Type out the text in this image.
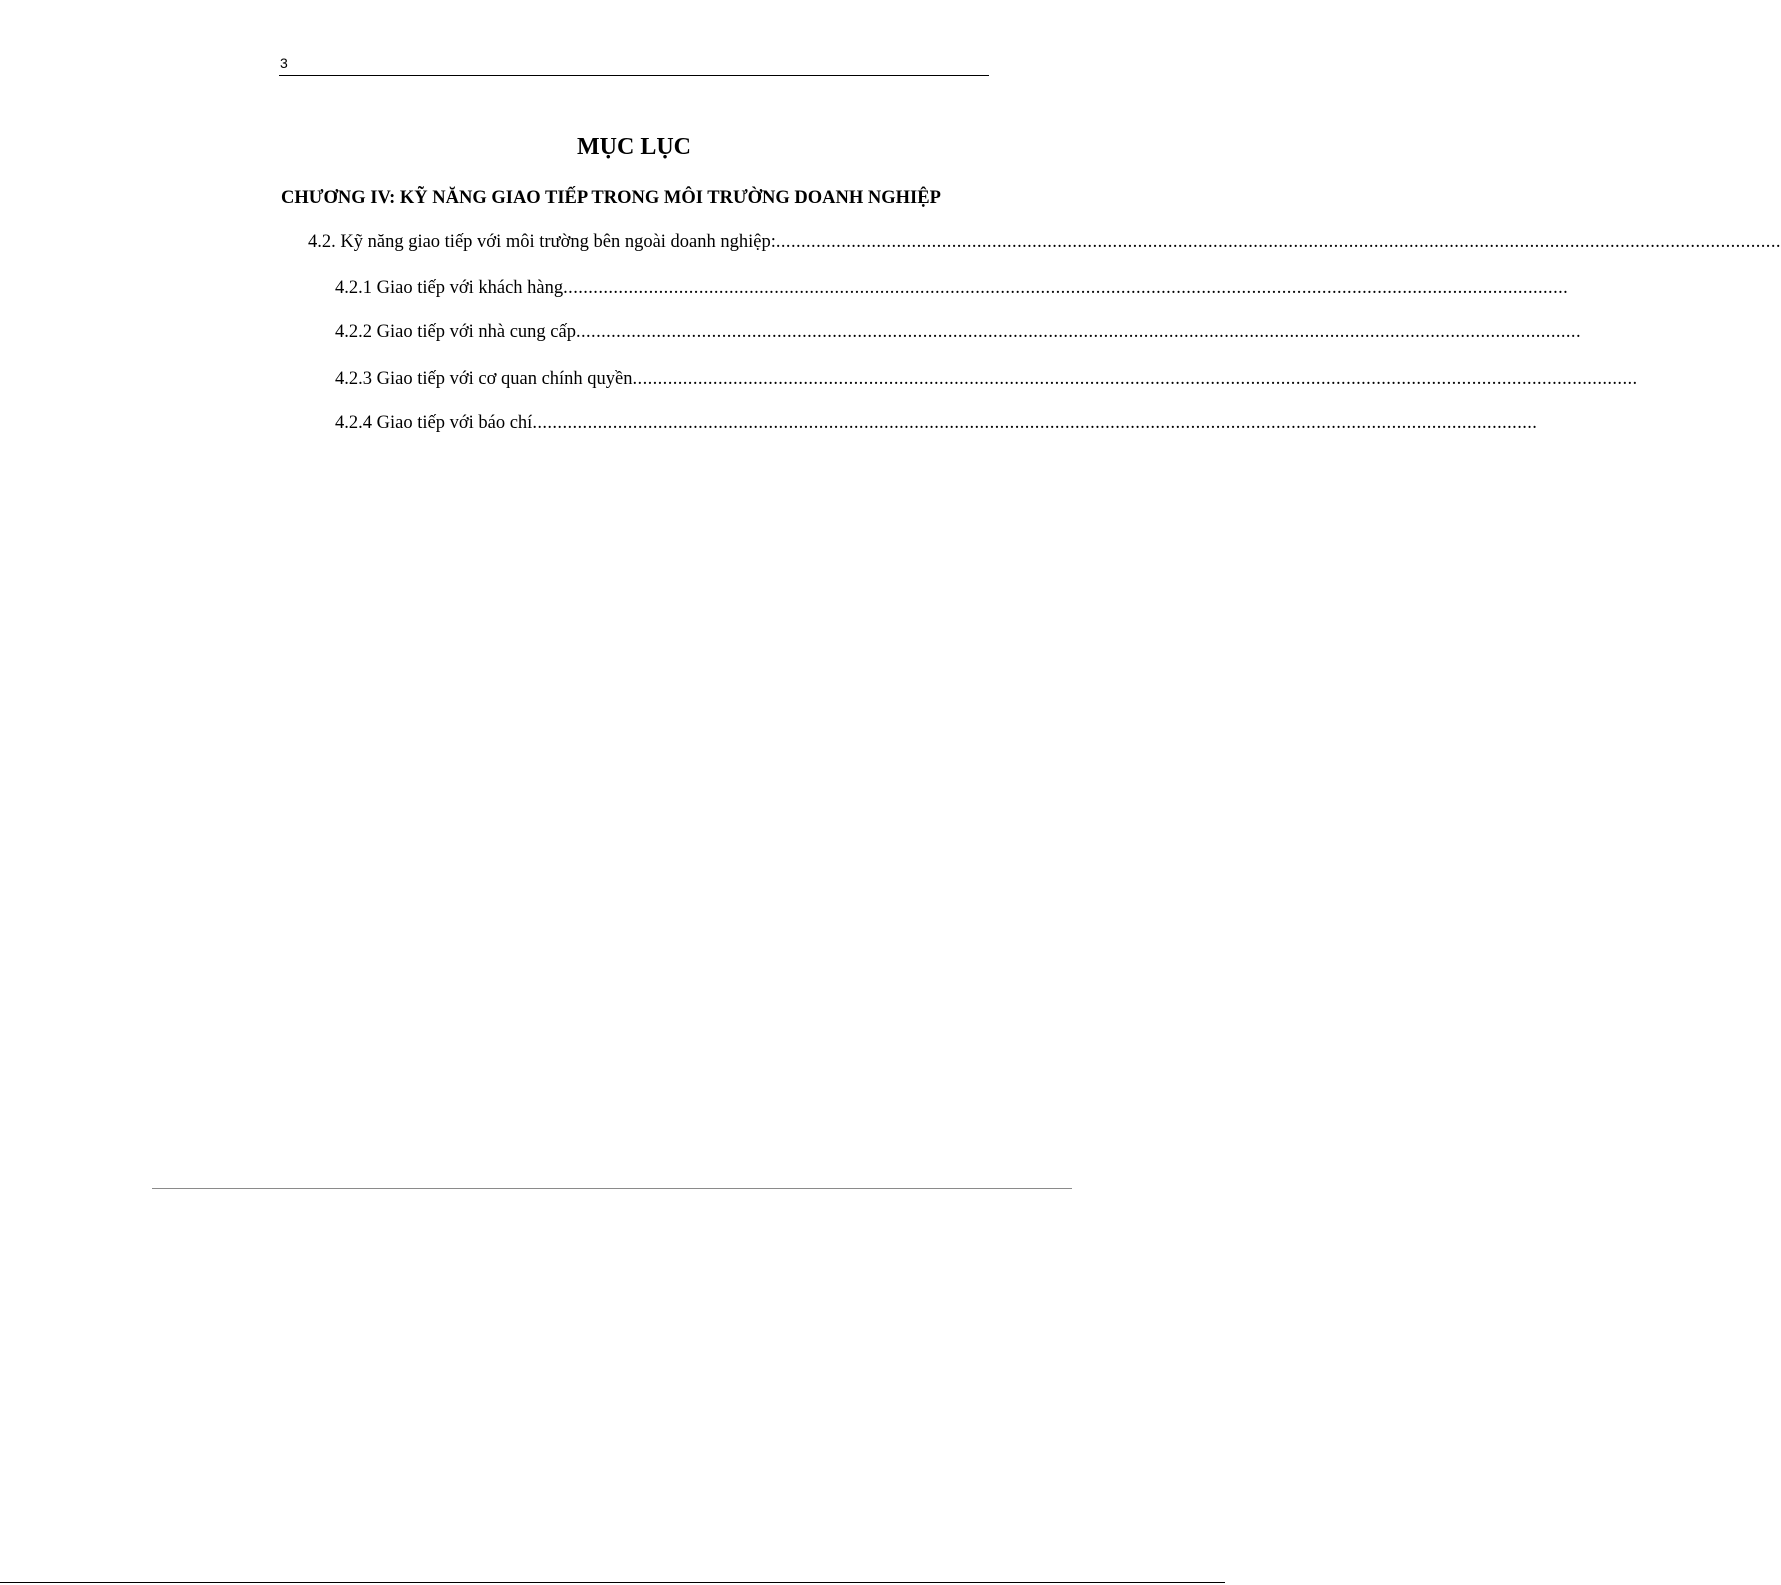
3
MỤC LỤC
CHƯƠNG IV: KỸ NĂNG GIAO TIẾP TRONG MÔI TRƯỜNG DOANH NGHIỆP
4.2. Kỹ năng giao tiếp với môi trường bên ngoài doanh nghiệp: ........................................................................................................................................................................................................
4.2.1 Giao tiếp với khách hàng ........................................................................................................................................................................................................
4.2.2 Giao tiếp với nhà cung cấp ........................................................................................................................................................................................................
4.2.3 Giao tiếp với cơ quan chính quyền ........................................................................................................................................................................................................
4.2.4 Giao tiếp với báo chí ........................................................................................................................................................................................................
